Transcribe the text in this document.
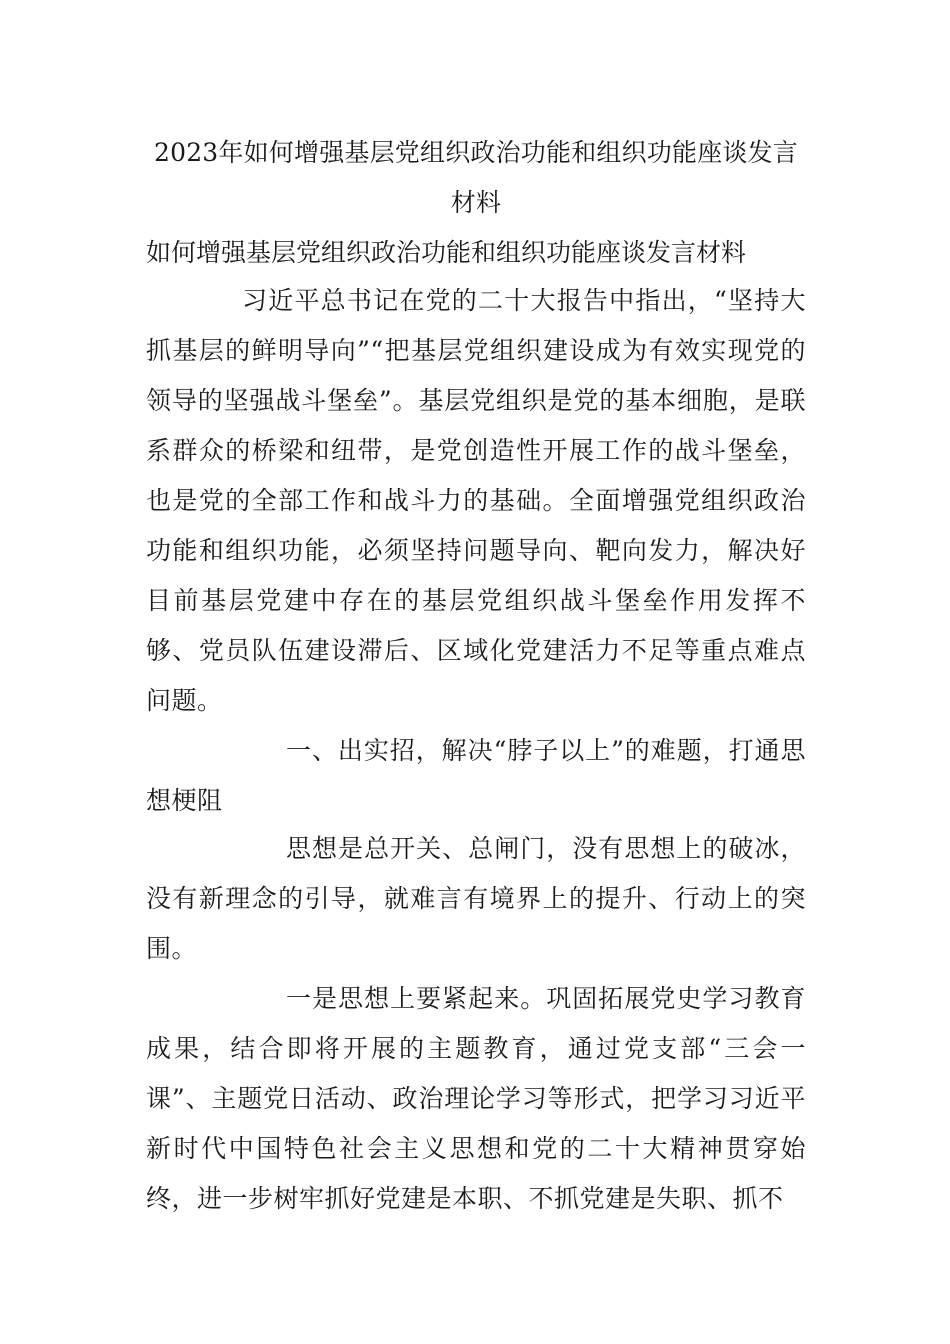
2023年如何增强基层党组织政治功能和组织功能座谈发言材料
如何增强基层党组织政治功能和组织功能座谈发言材料

习近平总书记在党的二十大报告中指出，“坚持大抓基层的鲜明导向”“把基层党组织建设成为有效实现党的领导的坚强战斗堡垒”。基层党组织是党的基本细胞，是联系群众的桥梁和纽带，是党创造性开展工作的战斗堡垒，也是党的全部工作和战斗力的基础。全面增强党组织政治功能和组织功能，必须坚持问题导向、靶向发力，解决好目前基层党建中存在的基层党组织战斗堡垒作用发挥不够、党员队伍建设滞后、区域化党建活力不足等重点难点问题。

一、出实招，解决“脖子以上”的难题，打通思想梗阻

思想是总开关、总闸门，没有思想上的破冰，没有新理念的引导，就难言有境界上的提升、行动上的突围。

一是思想上要紧起来。巩固拓展党史学习教育成果，结合即将开展的主题教育，通过党支部“三会一课”、主题党日活动、政治理论学习等形式，把学习习近平新时代中国特色社会主义思想和党的二十大精神贯穿始终，进一步树牢抓好党建是本职、不抓党建是失职、抓不
